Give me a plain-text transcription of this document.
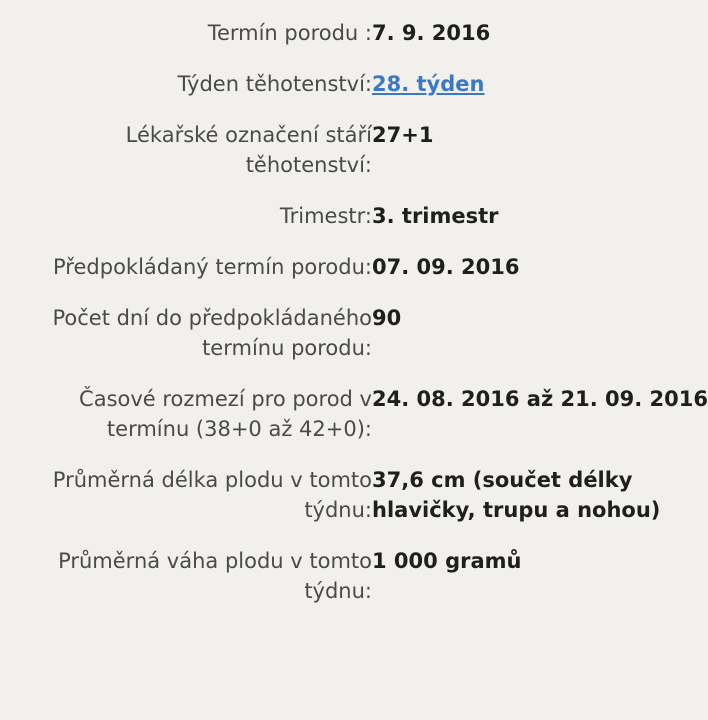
Termín porodu :	7. 9. 2016

Týden těhotenství:	28. týden

Lékařské označení stáří těhotenství:	27+1

Trimestr:	3. trimestr

Předpokládaný termín porodu:	07. 09. 2016

Počet dní do předpokládaného termínu porodu:	90

Časové rozmezí pro porod v termínu (38+0 až 42+0):	24. 08. 2016 až 21. 09. 2016

Průměrná délka plodu v tomto týdnu:	37,6 cm (součet délky hlavičky, trupu a nohou)

Průměrná váha plodu v tomto týdnu:	1 000 gramů
